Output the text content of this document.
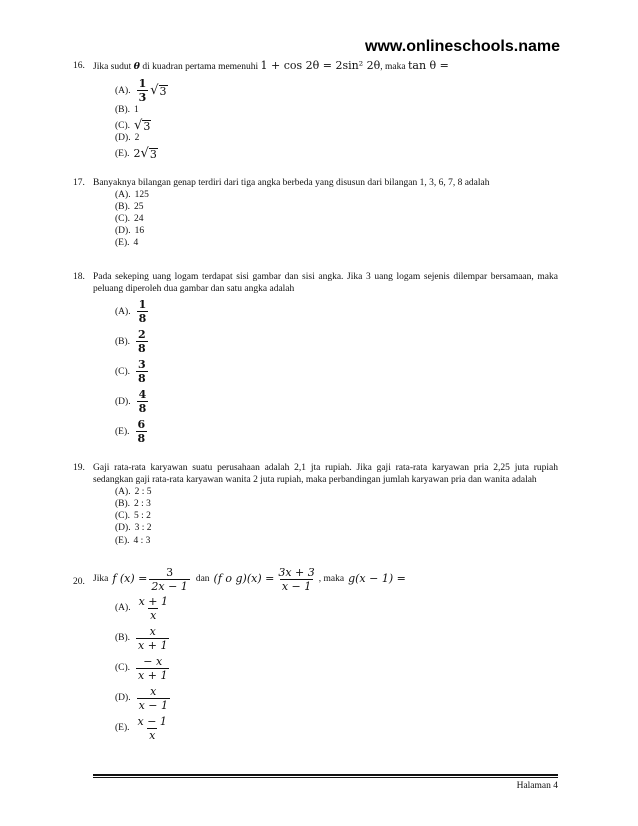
www.onlineschools.name
16. Jika sudut θ di kuadran pertama memenuhi 1 + cos 2θ = 2sin² 2θ, maka tan θ =
(A). $\frac{1}{3}$ √ 3
(B). 1
(C). √ 3
(D). 2
(E). 2 √ 3
17. Banyaknya bilangan genap terdiri dari tiga angka berbeda yang disusun dari bilangan 1, 3, 6, 7, 8 adalah
(A). 125
(B). 25
(C). 24
(D). 16
(E). 4
18. Pada sekeping uang logam terdapat sisi gambar dan sisi angka. Jika 3 uang logam sejenis dilempar bersamaan, maka peluang diperoleh dua gambar dan satu angka adalah
(A). $\frac{1}{8}$
(B). $\frac{2}{8}$
(C). $\frac{3}{8}$
(D). $\frac{4}{8}$
(E). $\frac{6}{8}$
19. Gaji rata-rata karyawan suatu perusahaan adalah 2,1 jta rupiah. Jika gaji rata-rata karyawan pria 2,25 juta rupiah sedangkan gaji rata-rata karyawan wanita 2 juta rupiah, maka perbandingan jumlah karyawan pria dan wanita adalah
(A). 2 : 5
(B). 2 : 3
(C). 5 : 2
(D). 3 : 2
(E). 4 : 3
20. Jika f $(x) = \frac{3}{2x - 1}$ dan (f o $g)(x) = \frac{3x + 3}{x - 1}$ , maka g(x − 1) =
(A). $\frac{x + 1}{x}$
(B). $\frac{x}{x + 1}$
(C). $\frac{- x}{x + 1}$
(D). $\frac{x}{x - 1}$
(E). $\frac{x - 1}{x}$
Halaman 4
